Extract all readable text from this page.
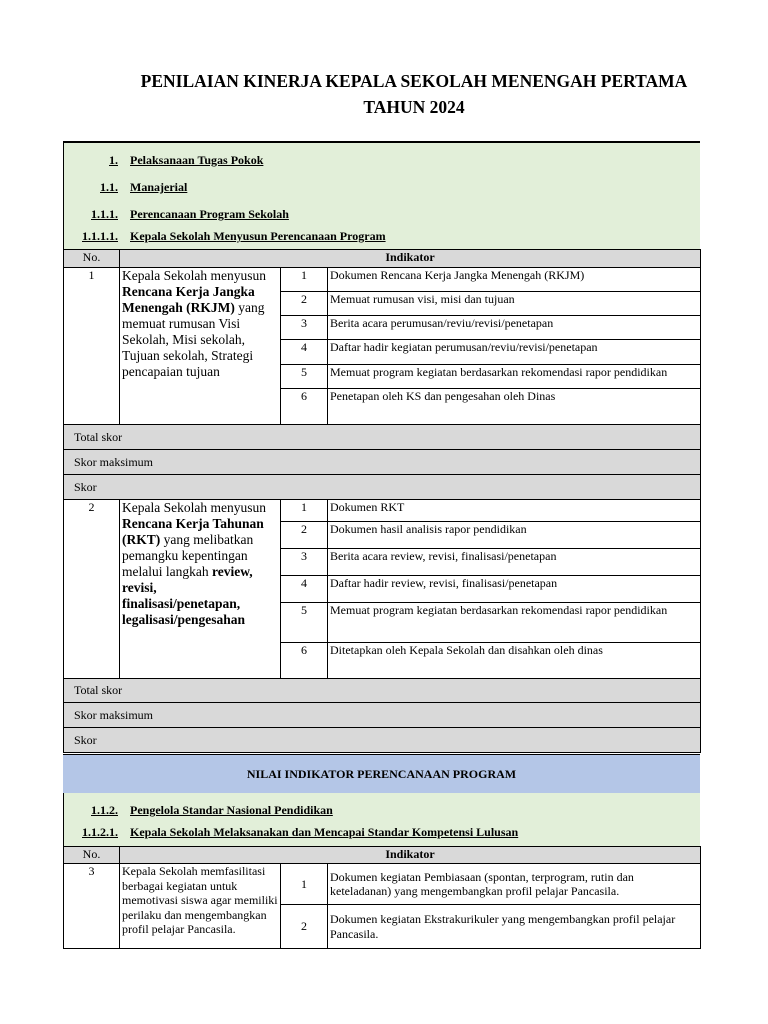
PENILAIAN KINERJA KEPALA SEKOLAH MENENGAH PERTAMA
TAHUN 2024
1. Pelaksanaan Tugas Pokok
1.1. Manajerial
1.1.1. Perencanaan Program Sekolah
1.1.1.1. Kepala Sekolah Menyusun Perencanaan Program
No.	Indikator		
1	Kepala Sekolah menyusun Rencana Kerja Jangka Menengah (RKJM) yang memuat rumusan Visi Sekolah, Misi sekolah, Tujuan sekolah, Strategi pencapaian tujuan	1	Dokumen Rencana Kerja Jangka Menengah (RKJM)
		2	Memuat rumusan visi, misi dan tujuan
		3	Berita acara perumusan/reviu/revisi/penetapan
		4	Daftar hadir kegiatan perumusan/reviu/revisi/penetapan
		5	Memuat program kegiatan berdasarkan rekomendasi rapor pendidikan
		6	Penetapan oleh KS dan pengesahan oleh Dinas
Total skor			
Skor maksimum			
Skor			
2	Kepala Sekolah menyusun Rencana Kerja Tahunan (RKT) yang melibatkan pemangku kepentingan melalui langkah review, revisi, finalisasi/penetapan, legalisasi/pengesahan	1	Dokumen RKT
		2	Dokumen hasil analisis rapor pendidikan
		3	Berita acara review, revisi, finalisasi/penetapan
		4	Daftar hadir review, revisi, finalisasi/penetapan
		5	Memuat program kegiatan berdasarkan rekomendasi rapor pendidikan
		6	Ditetapkan oleh Kepala Sekolah dan disahkan oleh dinas
Total skor			
Skor maksimum			
Skor			
NILAI INDIKATOR PERENCANAAN PROGRAM
1.1.2. Pengelola Standar Nasional Pendidikan
1.1.2.1. Kepala Sekolah Melaksanakan dan Mencapai Standar Kompetensi Lulusan
No.	Indikator		
3	Kepala Sekolah memfasilitasi berbagai kegiatan untuk memotivasi siswa agar memiliki perilaku dan mengembangkan profil pelajar Pancasila.	1	Dokumen kegiatan Pembiasaan (spontan, terprogram, rutin dan keteladanan) yang mengembangkan profil pelajar Pancasila.
		2	Dokumen kegiatan Ekstrakurikuler yang mengembangkan profil pelajar Pancasila.
